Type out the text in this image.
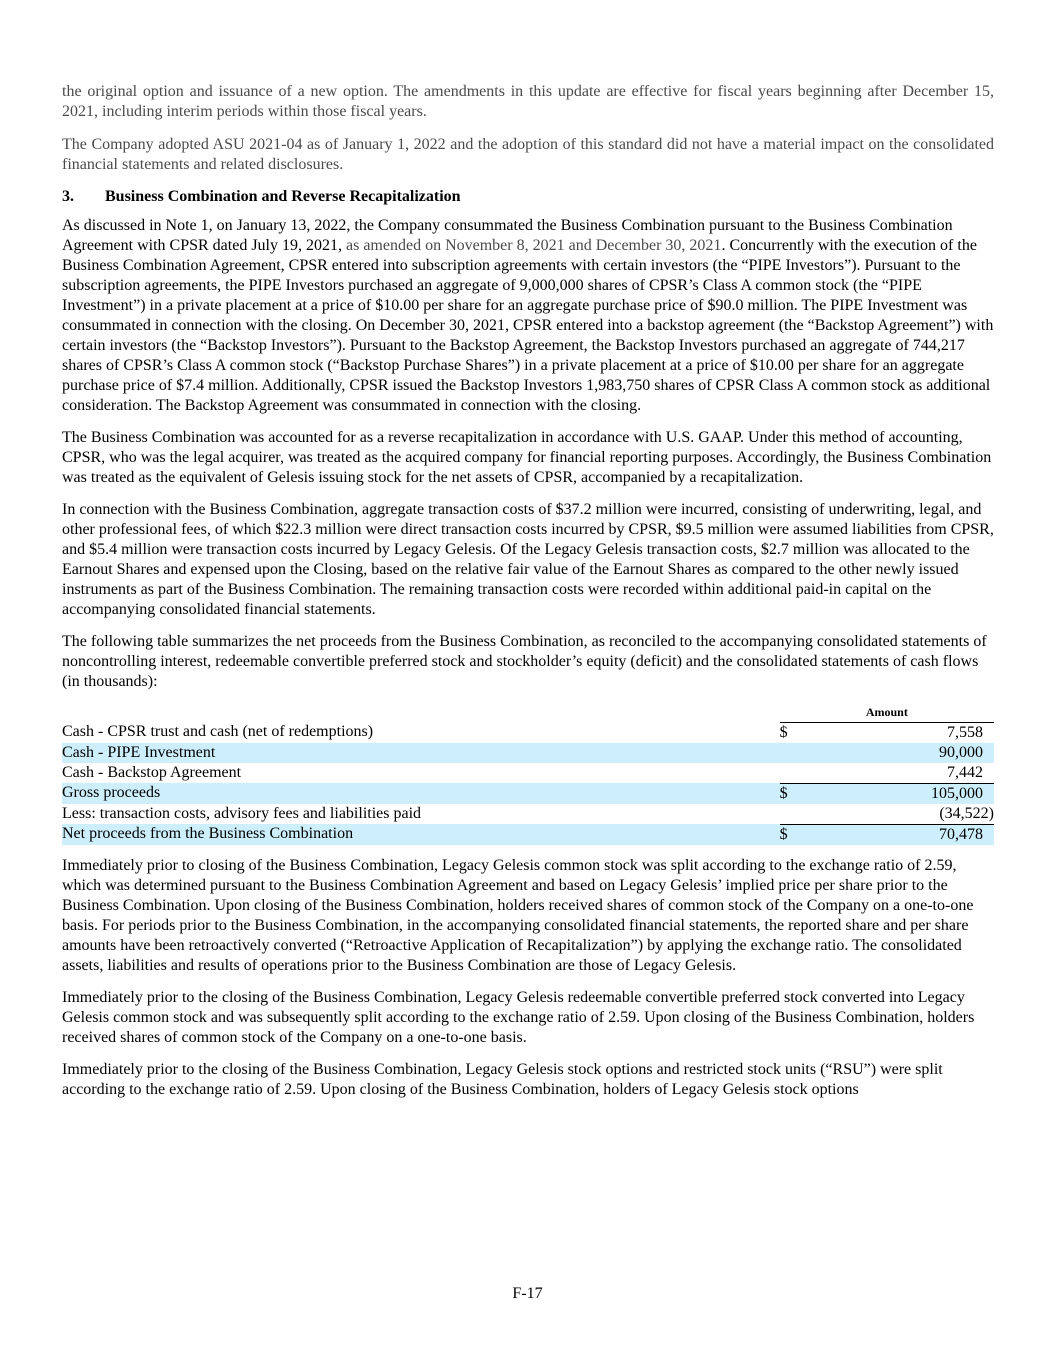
the original option and issuance of a new option. The amendments in this update are effective for fiscal years beginning after December 15, 2021, including interim periods within those fiscal years.

The Company adopted ASU 2021-04 as of January 1, 2022 and the adoption of this standard did not have a material impact on the consolidated financial statements and related disclosures.

3.	Business Combination and Reverse Recapitalization

As discussed in Note 1, on January 13, 2022, the Company consummated the Business Combination pursuant to the Business Combination Agreement with CPSR dated July 19, 2021, as amended on November 8, 2021 and December 30, 2021. Concurrently with the execution of the Business Combination Agreement, CPSR entered into subscription agreements with certain investors (the “PIPE Investors”). Pursuant to the subscription agreements, the PIPE Investors purchased an aggregate of 9,000,000 shares of CPSR’s Class A common stock (the “PIPE Investment”) in a private placement at a price of $10.00 per share for an aggregate purchase price of $90.0 million. The PIPE Investment was consummated in connection with the closing. On December 30, 2021, CPSR entered into a backstop agreement (the “Backstop Agreement”) with certain investors (the “Backstop Investors”). Pursuant to the Backstop Agreement, the Backstop Investors purchased an aggregate of 744,217 shares of CPSR’s Class A common stock (“Backstop Purchase Shares”) in a private placement at a price of $10.00 per share for an aggregate purchase price of $7.4 million. Additionally, CPSR issued the Backstop Investors 1,983,750 shares of CPSR Class A common stock as additional consideration. The Backstop Agreement was consummated in connection with the closing.

The Business Combination was accounted for as a reverse recapitalization in accordance with U.S. GAAP. Under this method of accounting, CPSR, who was the legal acquirer, was treated as the acquired company for financial reporting purposes. Accordingly, the Business Combination was treated as the equivalent of Gelesis issuing stock for the net assets of CPSR, accompanied by a recapitalization.

In connection with the Business Combination, aggregate transaction costs of $37.2 million were incurred, consisting of underwriting, legal, and other professional fees, of which $22.3 million were direct transaction costs incurred by CPSR, $9.5 million were assumed liabilities from CPSR, and $5.4 million were transaction costs incurred by Legacy Gelesis. Of the Legacy Gelesis transaction costs, $2.7 million was allocated to the Earnout Shares and expensed upon the Closing, based on the relative fair value of the Earnout Shares as compared to the other newly issued instruments as part of the Business Combination. The remaining transaction costs were recorded within additional paid-in capital on the accompanying consolidated financial statements.

The following table summarizes the net proceeds from the Business Combination, as reconciled to the accompanying consolidated statements of noncontrolling interest, redeemable convertible preferred stock and stockholder’s equity (deficit) and the consolidated statements of cash flows (in thousands):

	Amount	
Cash - CPSR trust and cash (net of redemptions)	$	7,558
Cash - PIPE Investment		90,000
Cash - Backstop Agreement		7,442
Gross proceeds	$	105,000
Less: transaction costs, advisory fees and liabilities paid		(34,522)
Net proceeds from the Business Combination	$	70,478

Immediately prior to closing of the Business Combination, Legacy Gelesis common stock was split according to the exchange ratio of 2.59, which was determined pursuant to the Business Combination Agreement and based on Legacy Gelesis’ implied price per share prior to the Business Combination. Upon closing of the Business Combination, holders received shares of common stock of the Company on a one-to-one basis. For periods prior to the Business Combination, in the accompanying consolidated financial statements, the reported share and per share amounts have been retroactively converted (“Retroactive Application of Recapitalization”) by applying the exchange ratio. The consolidated assets, liabilities and results of operations prior to the Business Combination are those of Legacy Gelesis.

Immediately prior to the closing of the Business Combination, Legacy Gelesis redeemable convertible preferred stock converted into Legacy Gelesis common stock and was subsequently split according to the exchange ratio of 2.59. Upon closing of the Business Combination, holders received shares of common stock of the Company on a one-to-one basis.

Immediately prior to the closing of the Business Combination, Legacy Gelesis stock options and restricted stock units (“RSU”) were split according to the exchange ratio of 2.59. Upon closing of the Business Combination, holders of Legacy Gelesis stock options

F-17
